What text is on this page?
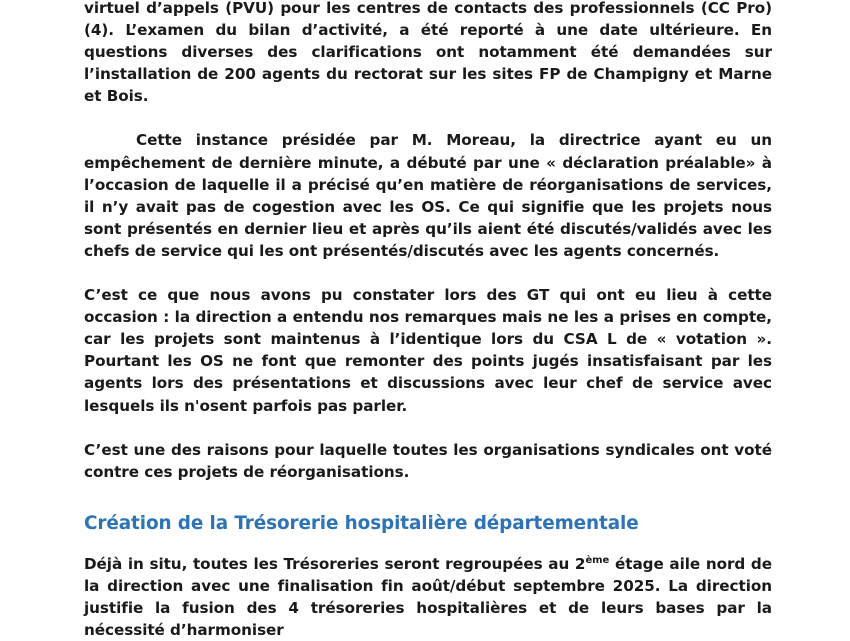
virtuel d’appels (PVU) pour les centres de contacts des professionnels (CC Pro) (4). L’examen du bilan d’activité, a été reporté à une date ultérieure. En questions diverses des clarifications ont notamment été demandées sur l’installation de 200 agents du rectorat sur les sites FP de Champigny et Marne et Bois.

Cette instance présidée par M. Moreau, la directrice ayant eu un empêchement de dernière minute, a débuté par une « déclaration préalable» à l’occasion de laquelle il a précisé qu’en matière de réorganisations de services, il n’y avait pas de cogestion avec les OS. Ce qui signifie que les projets nous sont présentés en dernier lieu et après qu’ils aient été discutés/validés avec les chefs de service qui les ont présentés/discutés avec les agents concernés.

C’est ce que nous avons pu constater lors des GT qui ont eu lieu à cette occasion : la direction a entendu nos remarques mais ne les a prises en compte, car les projets sont maintenus à l’identique lors du CSA L de « votation ». Pourtant les OS ne font que remonter des points jugés insatisfaisant par les agents lors des présentations et discussions avec leur chef de service avec lesquels ils n'osent parfois pas parler.

C’est une des raisons pour laquelle toutes les organisations syndicales ont voté contre ces projets de réorganisations.

Création de la Trésorerie hospitalière départementale

Déjà in situ, toutes les Trésoreries seront regroupées au 2ème étage aile nord de la direction avec une finalisation fin août/début septembre 2025. La direction justifie la fusion des 4 trésoreries hospitalières et de leurs bases par la nécessité d’harmoniser
